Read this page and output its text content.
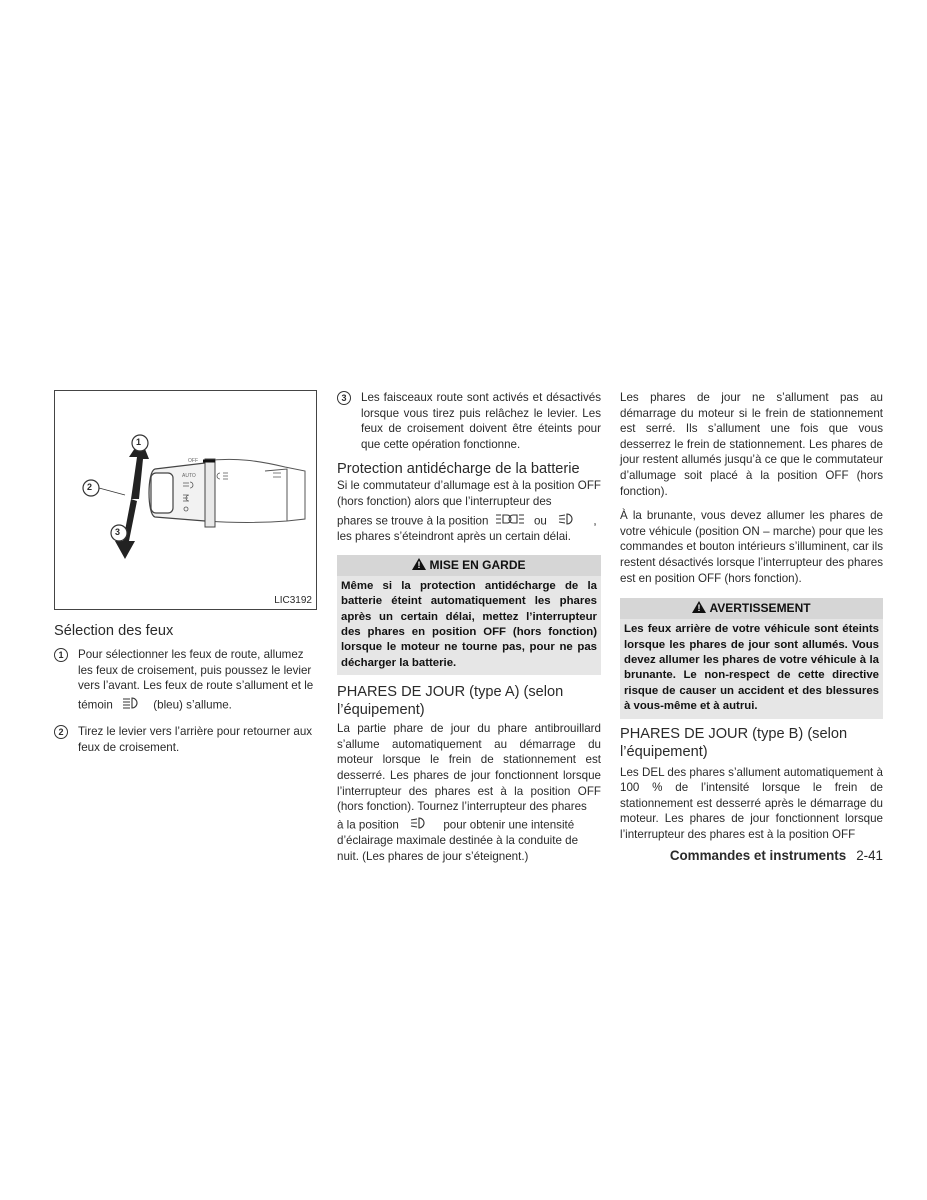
1
2
3
OFF
AUTO
LIC3192
Sélection des feux
1	Pour sélectionner les feux de route, allumez les feux de croisement, puis poussez le levier vers l’avant. Les feux de route s’allument et le

témoin	(bleu) s’allume.

2	Tirez le levier vers l’arrière pour retourner aux feux de croisement.

3	Les faisceaux route sont activés et désactivés lorsque vous tirez puis relâchez le levier. Les feux de croisement doivent être éteints pour que cette opération fonctionne.

Protection antidécharge de la batterie

Si le commutateur d’allumage est à la position OFF (hors fonction) alors que l’interrupteur des

phares se trouve à la position	ou	,

les phares s’éteindront après un certain délai.

! MISE EN GARDE
Même si la protection antidécharge de la batterie éteint automatiquement les phares après un certain délai, mettez l’interrupteur des phares en position OFF (hors fonction) lorsque le moteur ne tourne pas, pour ne pas décharger la batterie.
PHARES DE JOUR (type A) (selon l’équipement)

La partie phare de jour du phare antibrouillard s’allume automatiquement au démarrage du moteur lorsque le frein de stationnement est desserré. Les phares de jour fonctionnent lorsque l’interrupteur des phares est à la position OFF (hors fonction). Tournez l’interrupteur des phares

à la position	pour obtenir une intensité d’éclairage maximale destinée à la conduite de nuit. (Les phares de jour s’éteignent.)

Les phares de jour ne s’allument pas au démarrage du moteur si le frein de stationnement est serré. Ils s’allument une fois que vous desserrez le frein de stationnement. Les phares de jour restent allumés jusqu’à ce que le commutateur d’allumage soit placé à la position OFF (hors fonction).

À la brunante, vous devez allumer les phares de votre véhicule (position ON – marche) pour que les commandes et bouton intérieurs s’illuminent, car ils restent désactivés lorsque l’interrupteur des phares est en position OFF (hors fonction).

! AVERTISSEMENT
Les feux arrière de votre véhicule sont éteints lorsque les phares de jour sont allumés. Vous devez allumer les phares de votre véhicule à la brunante. Le non-respect de cette directive risque de causer un accident et des blessures à vous-même et à autrui.
PHARES DE JOUR (type B) (selon l’équipement)

Les DEL des phares s’allument automatiquement à 100 % de l’intensité lorsque le frein de stationnement est desserré après le démarrage du moteur. Les phares de jour fonctionnent lorsque l’interrupteur des phares est à la position OFF

Commandes et instruments 2-41
